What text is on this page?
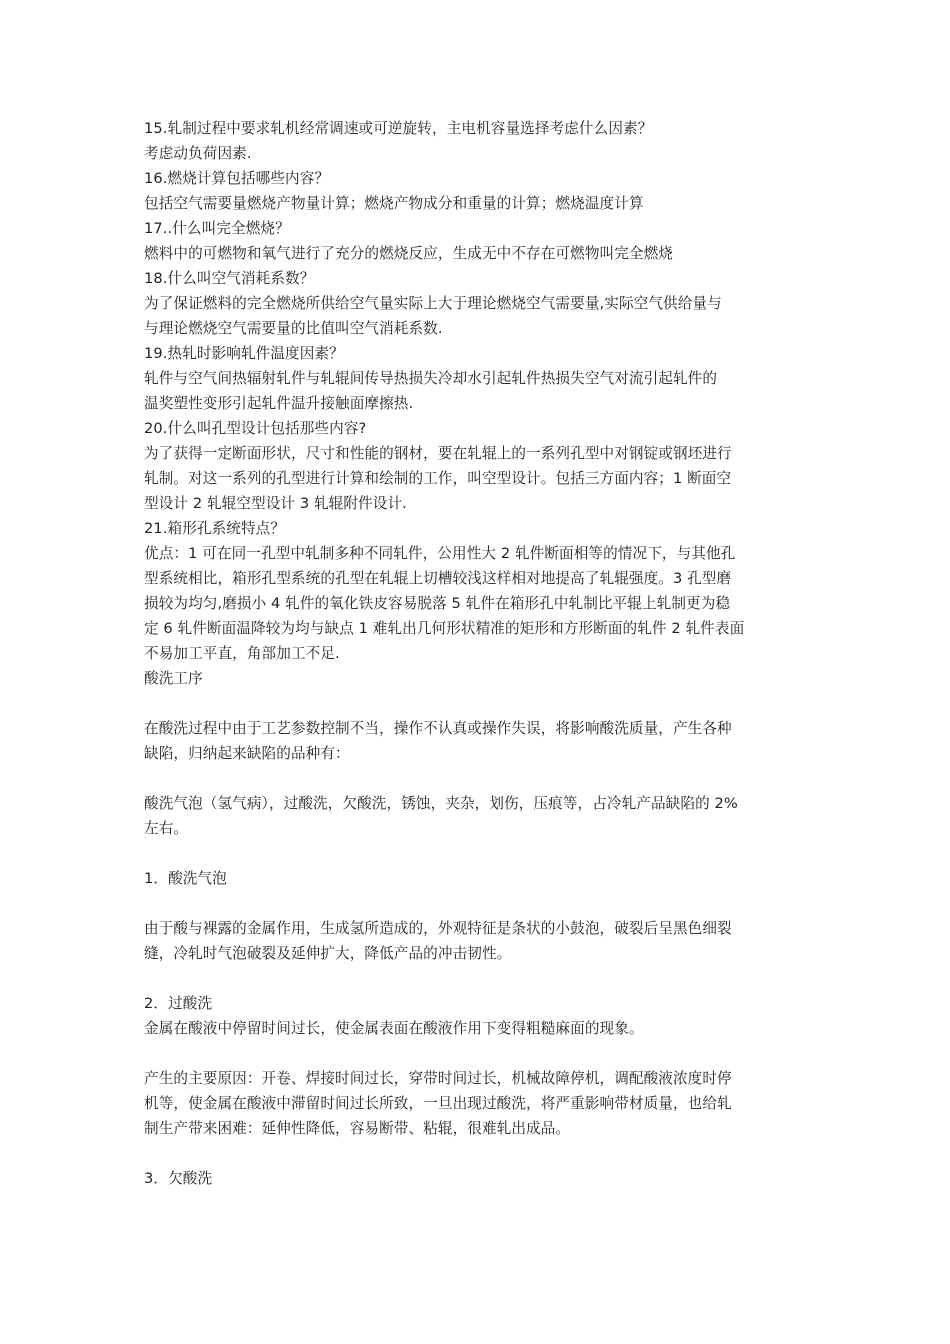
15.轧制过程中要求轧机经常调速或可逆旋转，主电机容量选择考虑什么因素？

考虑动负荷因素.

16.燃烧计算包括哪些内容？

包括空气需要量燃烧产物量计算；燃烧产物成分和重量的计算；燃烧温度计算

17..什么叫完全燃烧？

燃料中的可燃物和氧气进行了充分的燃烧反应，生成无中不存在可燃物叫完全燃烧

18.什么叫空气消耗系数？

为了保证燃料的完全燃烧所供给空气量实际上大于理论燃烧空气需要量,实际空气供给量与

与理论燃烧空气需要量的比值叫空气消耗系数.

19.热轧时影响轧件温度因素？

轧件与空气间热辐射轧件与轧辊间传导热损失冷却水引起轧件热损失空气对流引起轧件的

温奖塑性变形引起轧件温升接触面摩擦热.

20.什么叫孔型设计包括那些内容?

为了获得一定断面形状，尺寸和性能的钢材，要在轧辊上的一系列孔型中对钢锭或钢坯进行

轧制。对这一系列的孔型进行计算和绘制的工作，叫空型设计。包括三方面内容；1 断面空

型设计 2 轧辊空型设计 3 轧辊附件设计.

21.箱形孔系统特点？

优点：1 可在同一孔型中轧制多种不同轧件，公用性大 2 轧件断面相等的情况下，与其他孔

型系统相比，箱形孔型系统的孔型在轧辊上切槽较浅这样相对地提高了轧辊强度。3 孔型磨

损较为均匀,磨损小 4 轧件的氧化铁皮容易脱落 5 轧件在箱形孔中轧制比平辊上轧制更为稳

定 6 轧件断面温降较为均与缺点 1 难轧出几何形状精准的矩形和方形断面的轧件 2 轧件表面

不易加工平直，角部加工不足.

酸洗工序

在酸洗过程中由于工艺参数控制不当，操作不认真或操作失误，将影响酸洗质量，产生各种

缺陷，归纳起来缺陷的品种有：

酸洗气泡（氢气病），过酸洗，欠酸洗，锈蚀，夹杂，划伤，压痕等，占冷轧产品缺陷的 2%

左右。

1．酸洗气泡

由于酸与裸露的金属作用，生成氢所造成的，外观特征是条状的小鼓泡，破裂后呈黑色细裂

缝，冷轧时气泡破裂及延伸扩大，降低产品的冲击韧性。

2．过酸洗

金属在酸液中停留时间过长，使金属表面在酸液作用下变得粗糙麻面的现象。

产生的主要原因：开卷、焊接时间过长，穿带时间过长，机械故障停机，调配酸液浓度时停

机等，使金属在酸液中滞留时间过长所致，一旦出现过酸洗，将严重影响带材质量，也给轧

制生产带来困难：延伸性降低，容易断带、粘辊，很难轧出成品。

3．欠酸洗
